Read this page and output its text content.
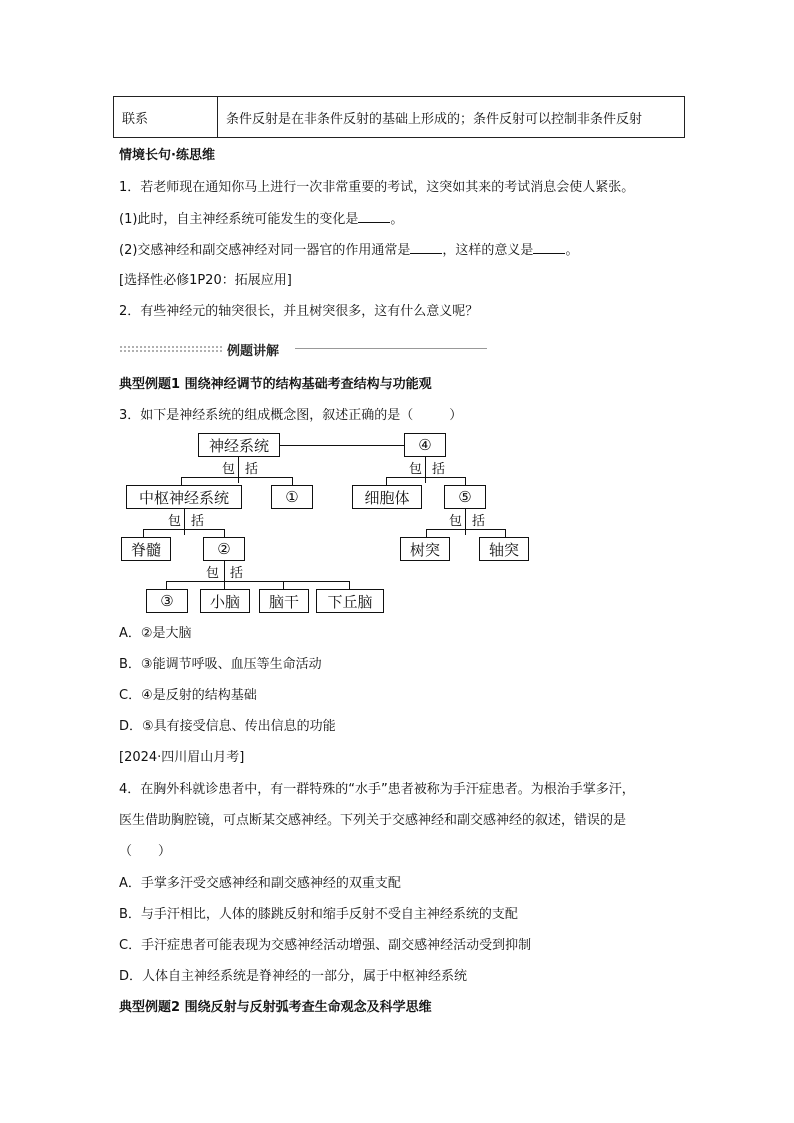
联系	条件反射是在非条件反射的基础上形成的；条件反射可以控制非条件反射
情境长句·练思维
1．若老师现在通知你马上进行一次非常重要的考试，这突如其来的考试消息会使人紧张。
(1)此时，自主神经系统可能发生的变化是 。
(2)交感神经和副交感神经对同一器官的作用通常是 ，这样的意义是 。
[选择性必修1P20：拓展应用]
2．有些神经元的轴突很长，并且树突很多，这有什么意义呢？
例题讲解
典型例题1 围绕神经调节的结构基础考查结构与功能观
3．如下是神经系统的组成概念图，叙述正确的是（	）
神经系统	④
包 括	包 括
中枢神经系统	①	细胞体	⑤
包 括	包 括
脊髓	②	树突	轴突
包 括
③	小脑	脑干	下丘脑
A．②是大脑
B．③能调节呼吸、血压等生命活动
C．④是反射的结构基础
D．⑤具有接受信息、传出信息的功能
[2024·四川眉山月考]
4．在胸外科就诊患者中，有一群特殊的“水手”患者被称为手汗症患者。为根治手掌多汗，
医生借助胸腔镜，可点断某交感神经。下列关于交感神经和副交感神经的叙述，错误的是
（ ）
A．手掌多汗受交感神经和副交感神经的双重支配
B．与手汗相比，人体的膝跳反射和缩手反射不受自主神经系统的支配
C．手汗症患者可能表现为交感神经活动增强、副交感神经活动受到抑制
D．人体自主神经系统是脊神经的一部分，属于中枢神经系统
典型例题2 围绕反射与反射弧考查生命观念及科学思维
